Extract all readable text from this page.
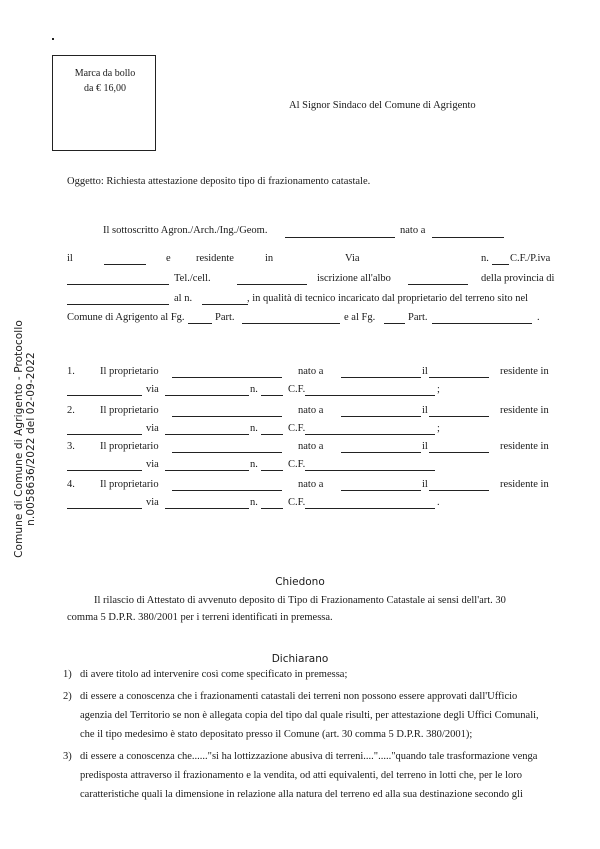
Marca da bollo
da € 16,00
Comune di Comune di Agrigento - Protocollo n.0058636/2022 del 02-09-2022
Al Signor Sindaco del Comune di Agrigento
Oggetto: Richiesta attestazione deposito tipo di frazionamento catastale.
Il sottoscritto Agron./Arch./Ing./Geom.	nato a
il	e residente	in	Via	n. C.F./P.iva
Tel./cell.	iscrizione all'albo	della provincia di
al n.	, in qualità di tecnico incaricato dal proprietario del terreno sito nel
Comune di Agrigento al Fg.	Part.	e al Fg.	Part.	.
1. Il proprietario	nato a	il	residente in
via	n.	C.F.	;
2. Il proprietario	nato a	il	residente in
via	n.	C.F.	;
3. Il proprietario	nato a	il	residente in
via	n.	C.F.
4. Il proprietario	nato a	il	residente in
via	n.	C.F.	.
Chiedono
Il rilascio di Attestato di avvenuto deposito di Tipo di Frazionamento Catastale ai sensi dell'art. 30
comma 5 D.P.R. 380/2001 per i terreni identificati in premessa.
Dichiarano
1) di avere titolo ad intervenire così come specificato in premessa;
2) di essere a conoscenza che i frazionamenti catastali dei terreni non possono essere approvati dall'Ufficio
agenzia del Territorio se non è allegata copia del tipo dal quale risulti, per attestazione degli Uffici Comunali,
che il tipo medesimo è stato depositato presso il Comune (art. 30 comma 5 D.P.R. 380/2001);
3) di essere a conoscenza che......"si ha lottizzazione abusiva di terreni...."....."quando tale trasformazione venga
predisposta attraverso il frazionamento e la vendita, od atti equivalenti, del terreno in lotti che, per le loro
caratteristiche quali la dimensione in relazione alla natura del terreno ed alla sua destinazione secondo gli
